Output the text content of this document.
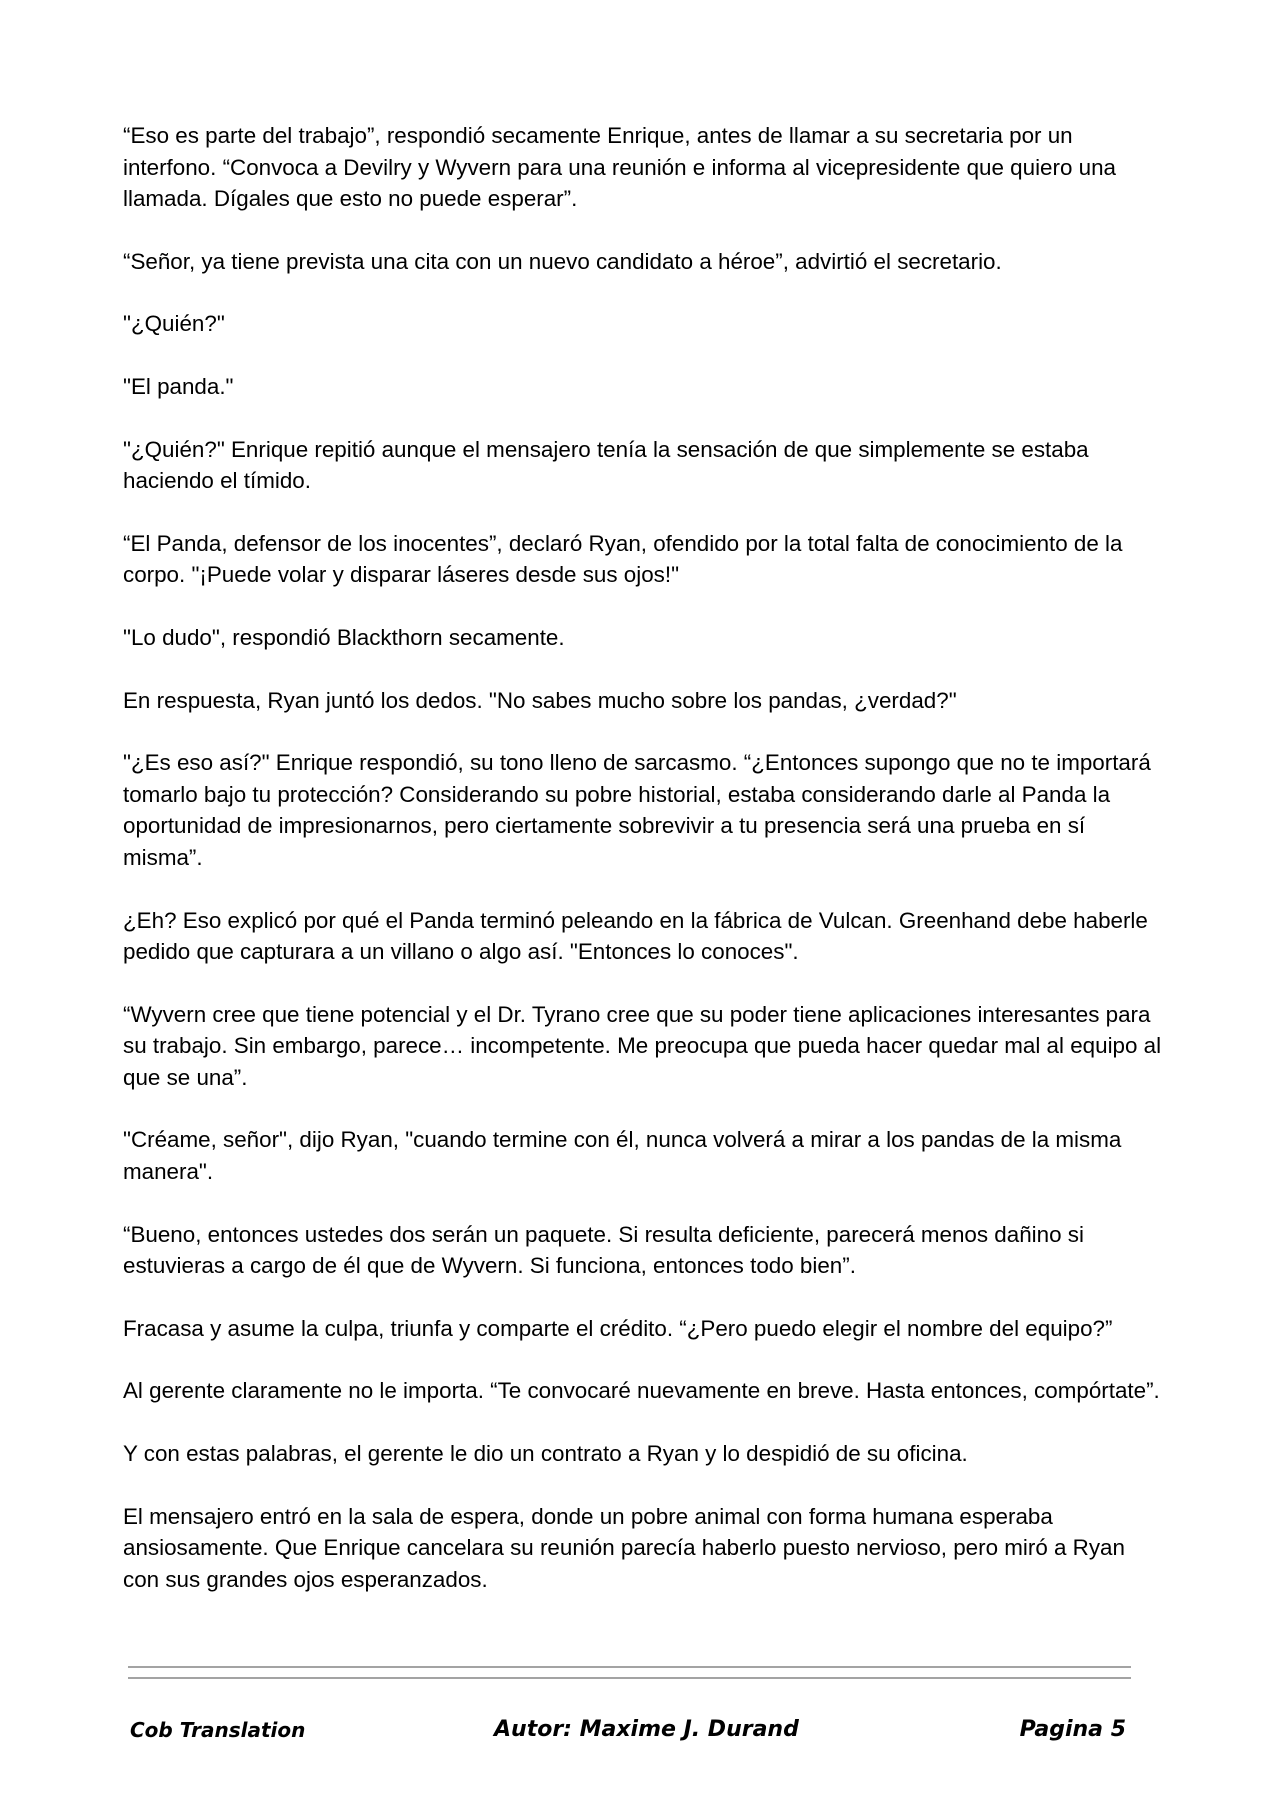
“Eso es parte del trabajo”, respondió secamente Enrique, antes de llamar a su secretaria por un interfono. “Convoca a Devilry y Wyvern para una reunión e informa al vicepresidente que quiero una llamada. Dígales que esto no puede esperar”.

“Señor, ya tiene prevista una cita con un nuevo candidato a héroe”, advirtió el secretario.

"¿Quién?"

"El panda."

"¿Quién?" Enrique repitió aunque el mensajero tenía la sensación de que simplemente se estaba haciendo el tímido.

“El Panda, defensor de los inocentes”, declaró Ryan, ofendido por la total falta de conocimiento de la corpo. "¡Puede volar y disparar láseres desde sus ojos!"

"Lo dudo", respondió Blackthorn secamente.

En respuesta, Ryan juntó los dedos. "No sabes mucho sobre los pandas, ¿verdad?"

"¿Es eso así?" Enrique respondió, su tono lleno de sarcasmo. “¿Entonces supongo que no te importará tomarlo bajo tu protección? Considerando su pobre historial, estaba considerando darle al Panda la oportunidad de impresionarnos, pero ciertamente sobrevivir a tu presencia será una prueba en sí misma”.

¿Eh? Eso explicó por qué el Panda terminó peleando en la fábrica de Vulcan. Greenhand debe haberle pedido que capturara a un villano o algo así. "Entonces lo conoces".

“Wyvern cree que tiene potencial y el Dr. Tyrano cree que su poder tiene aplicaciones interesantes para su trabajo. Sin embargo, parece… incompetente. Me preocupa que pueda hacer quedar mal al equipo al que se una”.

"Créame, señor", dijo Ryan, "cuando termine con él, nunca volverá a mirar a los pandas de la misma manera".

“Bueno, entonces ustedes dos serán un paquete. Si resulta deficiente, parecerá menos dañino si estuvieras a cargo de él que de Wyvern. Si funciona, entonces todo bien”.

Fracasa y asume la culpa, triunfa y comparte el crédito. “¿Pero puedo elegir el nombre del equipo?”

Al gerente claramente no le importa. “Te convocaré nuevamente en breve. Hasta entonces, compórtate”.

Y con estas palabras, el gerente le dio un contrato a Ryan y lo despidió de su oficina.

El mensajero entró en la sala de espera, donde un pobre animal con forma humana esperaba ansiosamente. Que Enrique cancelara su reunión parecía haberlo puesto nervioso, pero miró a Ryan con sus grandes ojos esperanzados.

Cob Translation	Autor: Maxime J. Durand	Pagina 5
